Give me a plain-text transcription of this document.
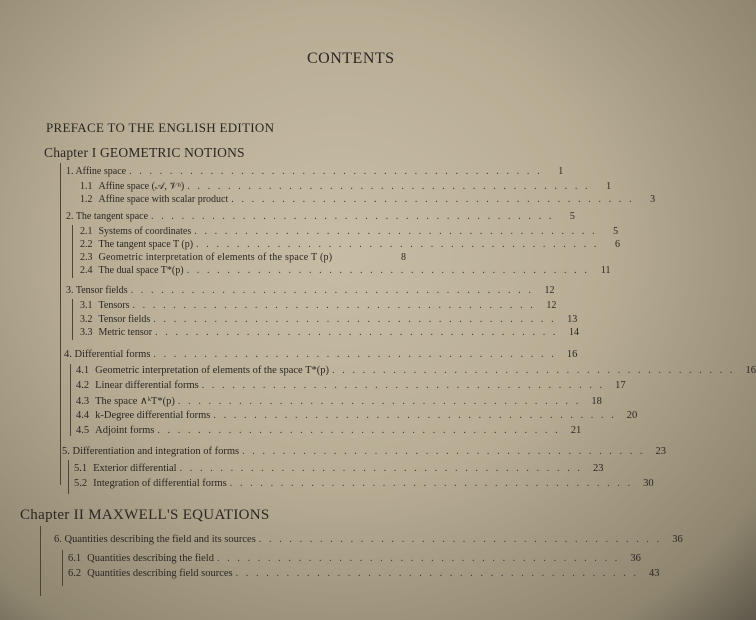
CONTENTS
PREFACE TO THE ENGLISH EDITION
Chapter I GEOMETRIC NOTIONS
1. Affine space . . . . . . . . . . . . . . . . . . . . . . . . . . . . . . . . . . . . . . . . .	1
1.1 Affine space (𝒜, 𝒱ⁿ) . . . . . . . . . . . . . . . . . . . . . . . . . . . . . . . . . . . . . . . .	1
1.2 Affine space with scalar product . . . . . . . . . . . . . . . . . . . . . . . . . . . . . . . . . . . . . . . .	3
2. The tangent space . . . . . . . . . . . . . . . . . . . . . . . . . . . . . . . . . . . . . . . .	5
2.1 Systems of coordinates . . . . . . . . . . . . . . . . . . . . . . . . . . . . . . . . . . . . . . . .	5
2.2 The tangent space T (p) . . . . . . . . . . . . . . . . . . . . . . . . . . . . . . . . . . . . . . . .	6
2.3 Geometric interpretation of elements of the space T (p)	8
2.4 The dual space T*(p) . . . . . . . . . . . . . . . . . . . . . . . . . . . . . . . . . . . . . . . .	11
3. Tensor fields . . . . . . . . . . . . . . . . . . . . . . . . . . . . . . . . . . . . . . . .	12
3.1 Tensors . . . . . . . . . . . . . . . . . . . . . . . . . . . . . . . . . . . . . . . .	12
3.2 Tensor fields . . . . . . . . . . . . . . . . . . . . . . . . . . . . . . . . . . . . . . . .	13
3.3 Metric tensor . . . . . . . . . . . . . . . . . . . . . . . . . . . . . . . . . . . . . . . .	14
4. Differential forms . . . . . . . . . . . . . . . . . . . . . . . . . . . . . . . . . . . . . . . .	16
4.1 Geometric interpretation of elements of the space T*(p) . . . . . . . . . . . . . . . . . . . . . . . . . . . . . . . . . . . . . . . .	16
4.2 Linear differential forms . . . . . . . . . . . . . . . . . . . . . . . . . . . . . . . . . . . . . . . .	17
4.3 The space ∧ᵏT*(p) . . . . . . . . . . . . . . . . . . . . . . . . . . . . . . . . . . . . . . . .	18
4.4 k-Degree differential forms . . . . . . . . . . . . . . . . . . . . . . . . . . . . . . . . . . . . . . . .	20
4.5 Adjoint forms . . . . . . . . . . . . . . . . . . . . . . . . . . . . . . . . . . . . . . . .	21
5. Differentiation and integration of forms . . . . . . . . . . . . . . . . . . . . . . . . . . . . . . . . . . . . . . . .	23
5.1 Exterior differential . . . . . . . . . . . . . . . . . . . . . . . . . . . . . . . . . . . . . . . .	23
5.2 Integration of differential forms . . . . . . . . . . . . . . . . . . . . . . . . . . . . . . . . . . . . . . . .	30
Chapter II MAXWELL'S EQUATIONS
6. Quantities describing the field and its sources . . . . . . . . . . . . . . . . . . . . . . . . . . . . . . . . . . . . . . . .	36
6.1 Quantities describing the field . . . . . . . . . . . . . . . . . . . . . . . . . . . . . . . . . . . . . . . .	36
6.2 Quantities describing field sources . . . . . . . . . . . . . . . . . . . . . . . . . . . . . . . . . . . . . . . .	43
